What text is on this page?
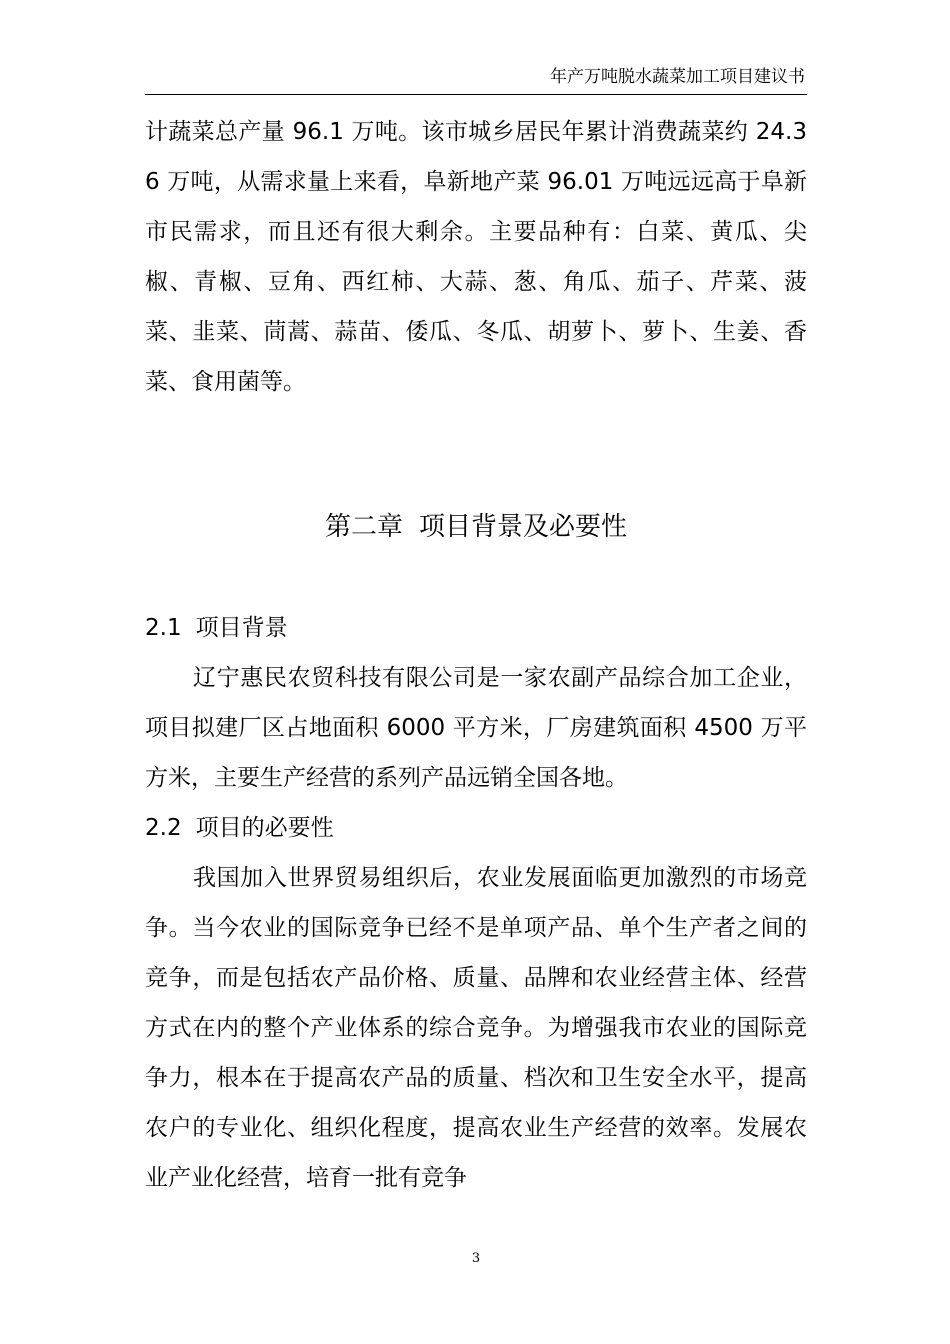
年产万吨脱水蔬菜加工项目建议书
计蔬菜总产量 96.1 万吨。该市城乡居民年累计消费蔬菜约 24.36 万吨，从需求量上来看，阜新地产菜 96.01 万吨远远高于阜新市民需求，而且还有很大剩余。主要品种有：白菜、黄瓜、尖椒、青椒、豆角、西红柿、大蒜、葱、角瓜、茄子、芹菜、菠菜、韭菜、茼蒿、蒜苗、倭瓜、冬瓜、胡萝卜、萝卜、生姜、香菜、食用菌等。
第二章 项目背景及必要性
2.1 项目背景
辽宁惠民农贸科技有限公司是一家农副产品综合加工企业，项目拟建厂区占地面积 6000 平方米，厂房建筑面积 4500 万平方米，主要生产经营的系列产品远销全国各地。
2.2 项目的必要性
我国加入世界贸易组织后，农业发展面临更加激烈的市场竞争。当今农业的国际竞争已经不是单项产品、单个生产者之间的竞争，而是包括农产品价格、质量、品牌和农业经营主体、经营方式在内的整个产业体系的综合竞争。为增强我市农业的国际竞争力，根本在于提高农产品的质量、档次和卫生安全水平，提高农户的专业化、组织化程度，提高农业生产经营的效率。发展农业产业化经营，培育一批有竞争
3
